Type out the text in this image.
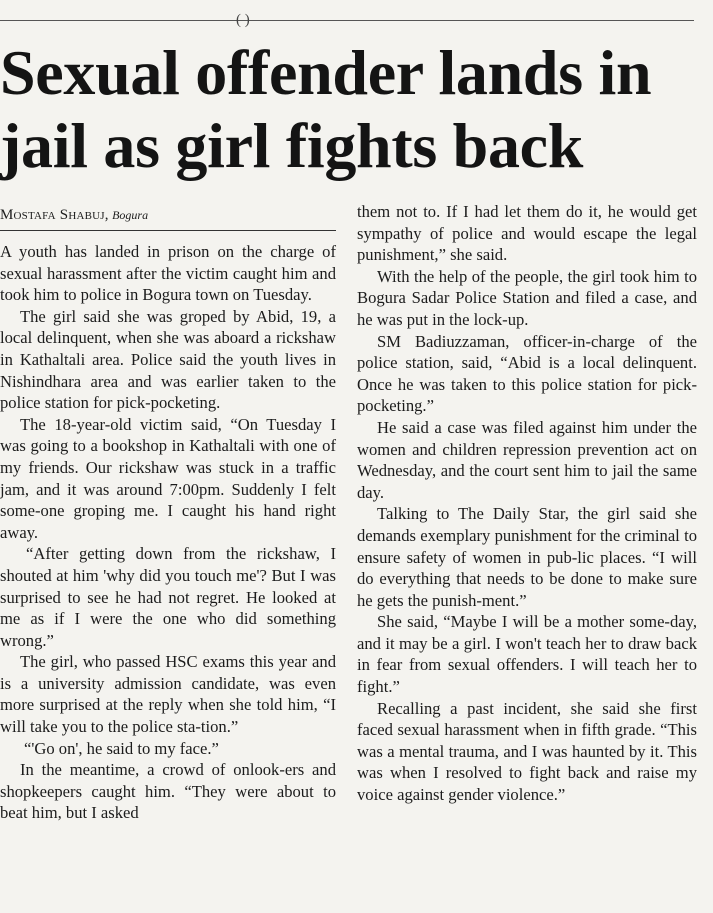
( )
Sexual offender lands in jail as girl fights back
Mostafa Shabuj, Bogura

A youth has landed in prison on the charge of sexual harassment after the victim caught him and took him to police in Bogura town on Tuesday.

The girl said she was groped by Abid, 19, a local delinquent, when she was aboard a rickshaw in Kathaltali area. Police said the youth lives in Nishindhara area and was earlier taken to the police station for pick-pocketing.

The 18-year-old victim said, “On Tuesday I was going to a bookshop in Kathaltali with one of my friends. Our rickshaw was stuck in a traffic jam, and it was around 7:00pm. Suddenly I felt some-one groping me. I caught his hand right away.

“After getting down from the rickshaw, I shouted at him 'why did you touch me'? But I was surprised to see he had not regret. He looked at me as if I were the one who did something wrong.”

The girl, who passed HSC exams this year and is a university admission candidate, was even more surprised at the reply when she told him, “I will take you to the police sta-tion.”

“'Go on', he said to my face.”

In the meantime, a crowd of onlook-ers and shopkeepers caught him. “They were about to beat him, but I asked

them not to. If I had let them do it, he would get sympathy of police and would escape the legal punishment,” she said.

With the help of the people, the girl took him to Bogura Sadar Police Station and filed a case, and he was put in the lock-up.

SM Badiuzzaman, officer-in-charge of the police station, said, “Abid is a local delinquent. Once he was taken to this police station for pick-pocketing.”

He said a case was filed against him under the women and children repression prevention act on Wednesday, and the court sent him to jail the same day.

Talking to The Daily Star, the girl said she demands exemplary punishment for the criminal to ensure safety of women in pub-lic places. “I will do everything that needs to be done to make sure he gets the punish-ment.”

She said, “Maybe I will be a mother some-day, and it may be a girl. I won't teach her to draw back in fear from sexual offenders. I will teach her to fight.”

Recalling a past incident, she said she first faced sexual harassment when in fifth grade. “This was a mental trauma, and I was haunted by it. This was when I resolved to fight back and raise my voice against gender violence.”
